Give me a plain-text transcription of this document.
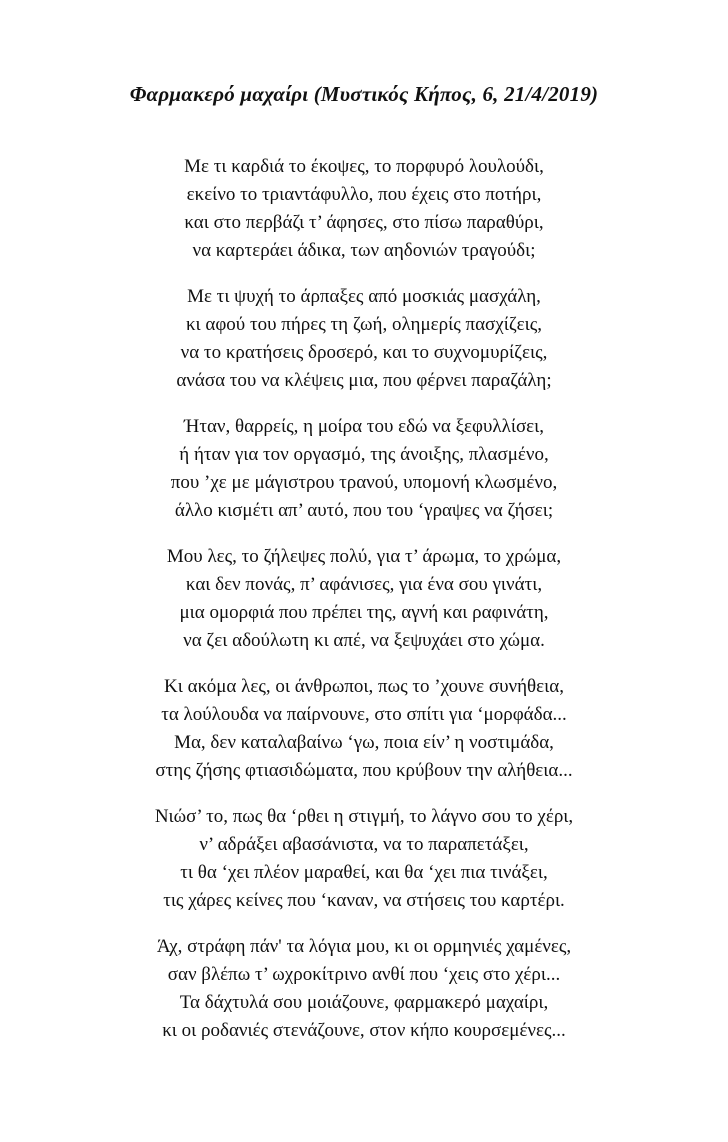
Φαρμακερό μαχαίρι (Μυστικός Κήπος, 6, 21/4/2019)

Με τι καρδιά το έκοψες, το πορφυρό λουλούδι,

εκείνο το τριαντάφυλλο, που έχεις στο ποτήρι,

και στο περβάζι τ’ άφησες, στο πίσω παραθύρι,

να καρτεράει άδικα, των αηδονιών τραγούδι;

Με τι ψυχή το άρπαξες από μοσκιάς μασχάλη,

κι αφού του πήρες τη ζωή, ολημερίς πασχίζεις,

να το κρατήσεις δροσερό, και το συχνομυρίζεις,

ανάσα του να κλέψεις μια, που φέρνει παραζάλη;

Ήταν, θαρρείς, η μοίρα του εδώ να ξεφυλλίσει,

ή ήταν για τον οργασμό, της άνοιξης, πλασμένο,

που ’χε με μάγιστρου τρανού, υπομονή κλωσμένο,

άλλο κισμέτι απ’ αυτό, που του ‘γραψες να ζήσει;

Μου λες, το ζήλεψες πολύ, για τ’ άρωμα, το χρώμα,

και δεν πονάς, π’ αφάνισες, για ένα σου γινάτι,

μια ομορφιά που πρέπει της, αγνή και ραφινάτη,

να ζει αδούλωτη κι απέ, να ξεψυχάει στο χώμα.

Κι ακόμα λες, οι άνθρωποι, πως το ’χουνε συνήθεια,

τα λούλουδα να παίρνουνε, στο σπίτι για ‘μορφάδα...

Μα, δεν καταλαβαίνω ‘γω, ποια είν’ η νοστιμάδα,

στης ζήσης φτιασιδώματα, που κρύβουν την αλήθεια...

Νιώσ’ το, πως θα ‘ρθει η στιγμή, το λάγνο σου το χέρι,

ν’ αδράξει αβασάνιστα, να το παραπετάξει,

τι θα ‘χει πλέον μαραθεί, και θα ‘χει πια τινάξει,

τις χάρες κείνες που ‘καναν, να στήσεις του καρτέρι.

Άχ, στράφη πάν' τα λόγια μου, κι οι ορμηνιές χαμένες,

σαν βλέπω τ’ ωχροκίτρινο ανθί που ‘χεις στο χέρι...

Τα δάχτυλά σου μοιάζουνε, φαρμακερό μαχαίρι,

κι οι ροδανιές στενάζουνε, στον κήπο κουρσεμένες...
